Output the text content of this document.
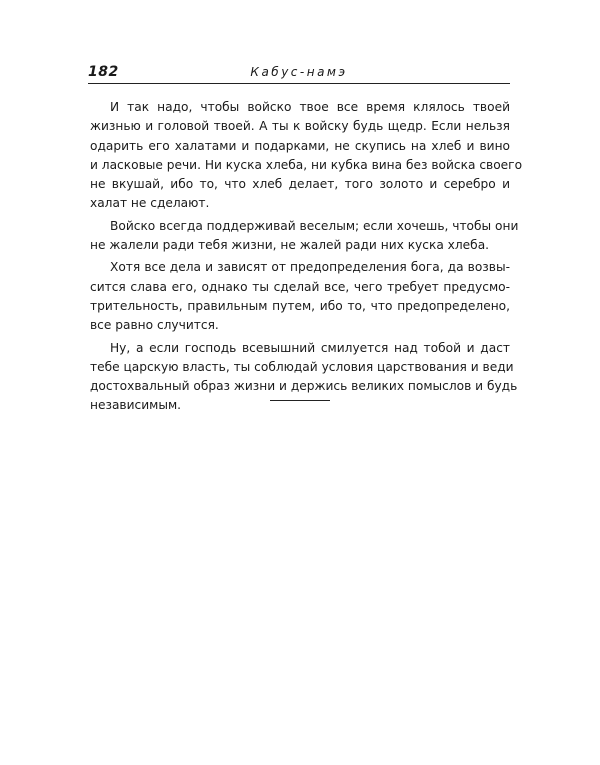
182	Кабус-намэ
И так надо, чтобы войско твое все время клялось твоей
жизнью и головой твоей. А ты к войску будь щедр. Если нельзя
одарить его халатами и подарками, не скупись на хлеб и вино
и ласковые речи. Ни куска хлеба, ни кубка вина без войска своего
не вкушай, ибо то, что хлеб делает, того золото и серебро и
халат не сделают.
Войско всегда поддерживай веселым; если хочешь, чтобы они
не жалели ради тебя жизни, не жалей ради них куска хлеба.
Хотя все дела и зависят от предопределения бога, да возвы-
сится слава его, однако ты сделай все, чего требует предусмо-
трительность, правильным путем, ибо то, что предопределено,
все равно случится.
Ну, а если господь всевышний смилуется над тобой и даст
тебе царскую власть, ты соблюдай условия царствования и веди
достохвальный образ жизни и держись великих помыслов и будь
независимым.
